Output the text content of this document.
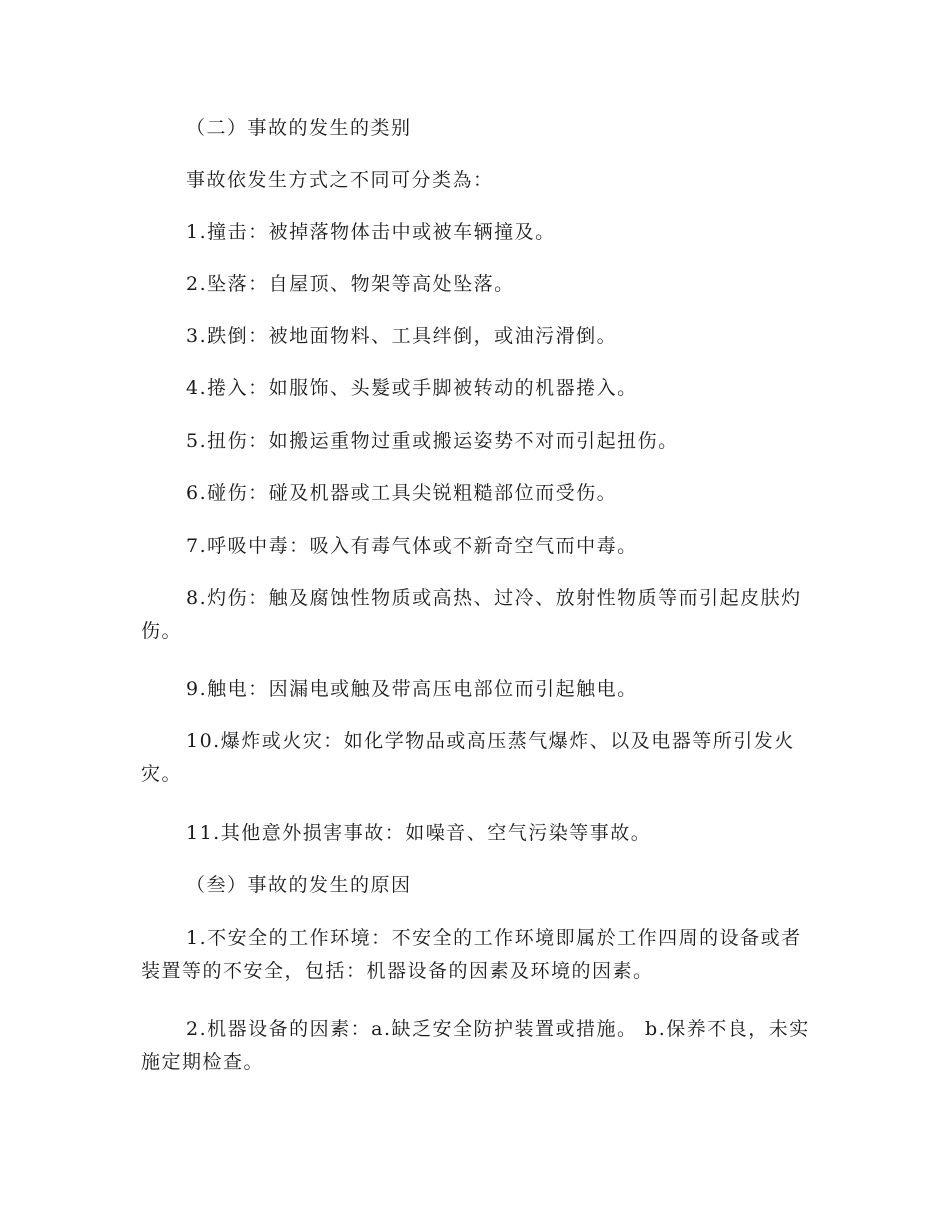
（二）事故的发生的类别

事故依发生方式之不同可分类為：

1.撞击：被掉落物体击中或被车辆撞及。

2.坠落：自屋顶、物架等高处坠落。

3.跌倒：被地面物料、工具绊倒，或油污滑倒。

4.捲入：如服饰、头髮或手脚被转动的机器捲入。

5.扭伤：如搬运重物过重或搬运姿势不对而引起扭伤。

6.碰伤：碰及机器或工具尖锐粗糙部位而受伤。

7.呼吸中毒：吸入有毒气体或不新奇空气而中毒。

8.灼伤：触及腐蚀性物质或高热、过冷、放射性物质等而引起皮肤灼伤。

9.触电：因漏电或触及带高压电部位而引起触电。

10.爆炸或火灾：如化学物品或高压蒸气爆炸、以及电器等所引发火灾。

11.其他意外损害事故：如噪音、空气污染等事故。

（叁）事故的发生的原因

1.不安全的工作环境：不安全的工作环境即属於工作四周的设备或者装置等的不安全，包括：机器设备的因素及环境的因素。

2.机器设备的因素：a.缺乏安全防护装置或措施。 b.保养不良，未实施定期检查。
